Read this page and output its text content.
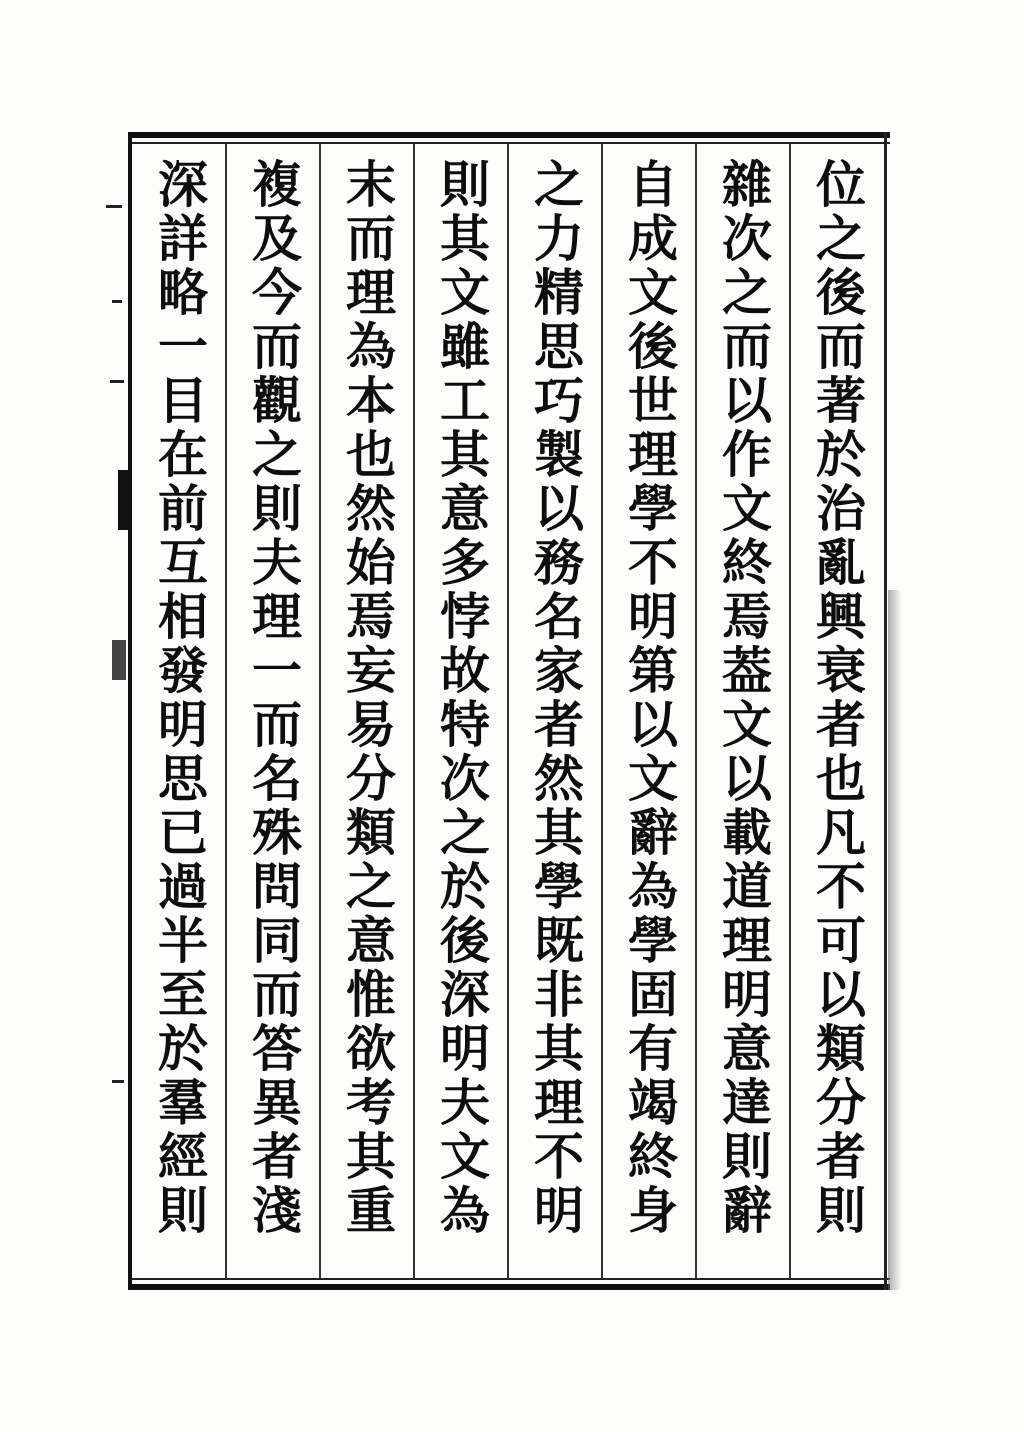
位之後而著於治亂興衰者也凡不可以類分者則
雜次之而以作文終焉葢文以載道理明意達則辭
自成文後世理學不明第以文辭為學固有竭終身
之力精思巧製以務名家者然其學既非其理不明
則其文雖工其意多悖故特次之於後深明夫文為
末而理為本也然始焉妄易分類之意惟欲考其重
複及今而觀之則夫理一而名殊問同而答異者淺
深詳略一目在前互相發明思已過半至於羣經則
